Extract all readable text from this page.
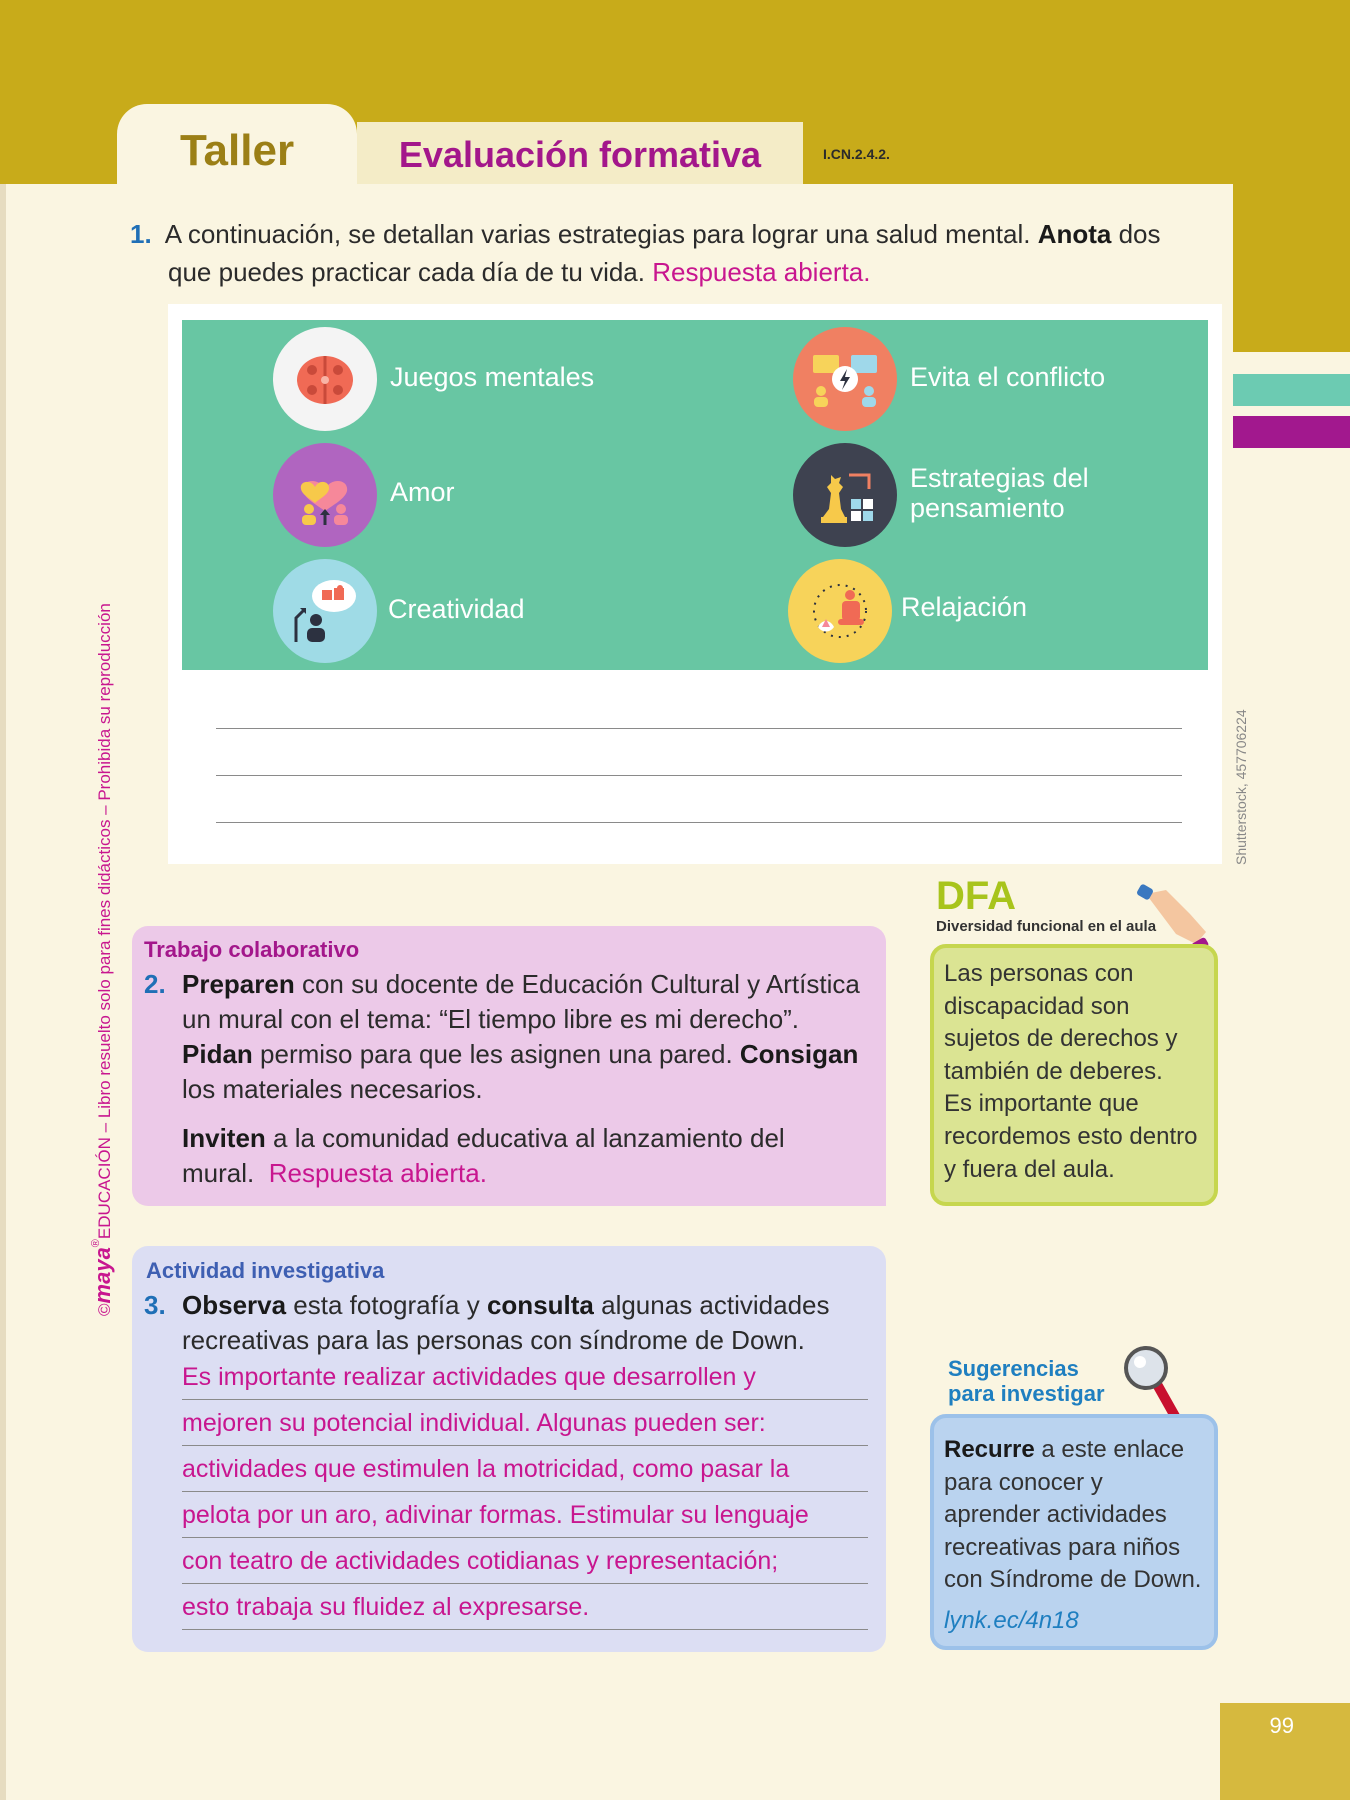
Taller	Evaluación formativa	I.CN.2.4.2.
1. A continuación, se detallan varias estrategias para lograr una salud mental. Anota dos
que puedes practicar cada día de tu vida. Respuesta abierta.
Juegos mentales	Evita el conflicto
Amor	Estrategias del
pensamiento
Creatividad	Relajación
Shutterstock, 457706224
©maya®EDUCACIÓN – Libro resuelto solo para fines didácticos – Prohibida su reproducción Trabajo colaborativo
2. Preparen con su docente de Educación Cultural y Artística
un mural con el tema: “El tiempo libre es mi derecho”.
Pidan permiso para que les asignen una pared. Consigan
los materiales necesarios.
Inviten a la comunidad educativa al lanzamiento del
mural. Respuesta abierta.
DFA
Diversidad funcional en el aula
Las personas con
discapacidad son
sujetos de derechos y
también de deberes.
Es importante que
recordemos esto dentro
y fuera del aula.
Actividad investigativa
3. Observa esta fotografía y consulta algunas actividades
recreativas para las personas con síndrome de Down.
Es importante realizar actividades que desarrollen y
mejoren su potencial individual. Algunas pueden ser:
actividades que estimulen la motricidad, como pasar la
pelota por un aro, adivinar formas. Estimular su lenguaje
con teatro de actividades cotidianas y representación;
esto trabaja su fluidez al expresarse.
Sugerencias
para investigar
Recurre a este enlace
para conocer y
aprender actividades
recreativas para niños
con Síndrome de Down.
lynk.ec/4n18
99
